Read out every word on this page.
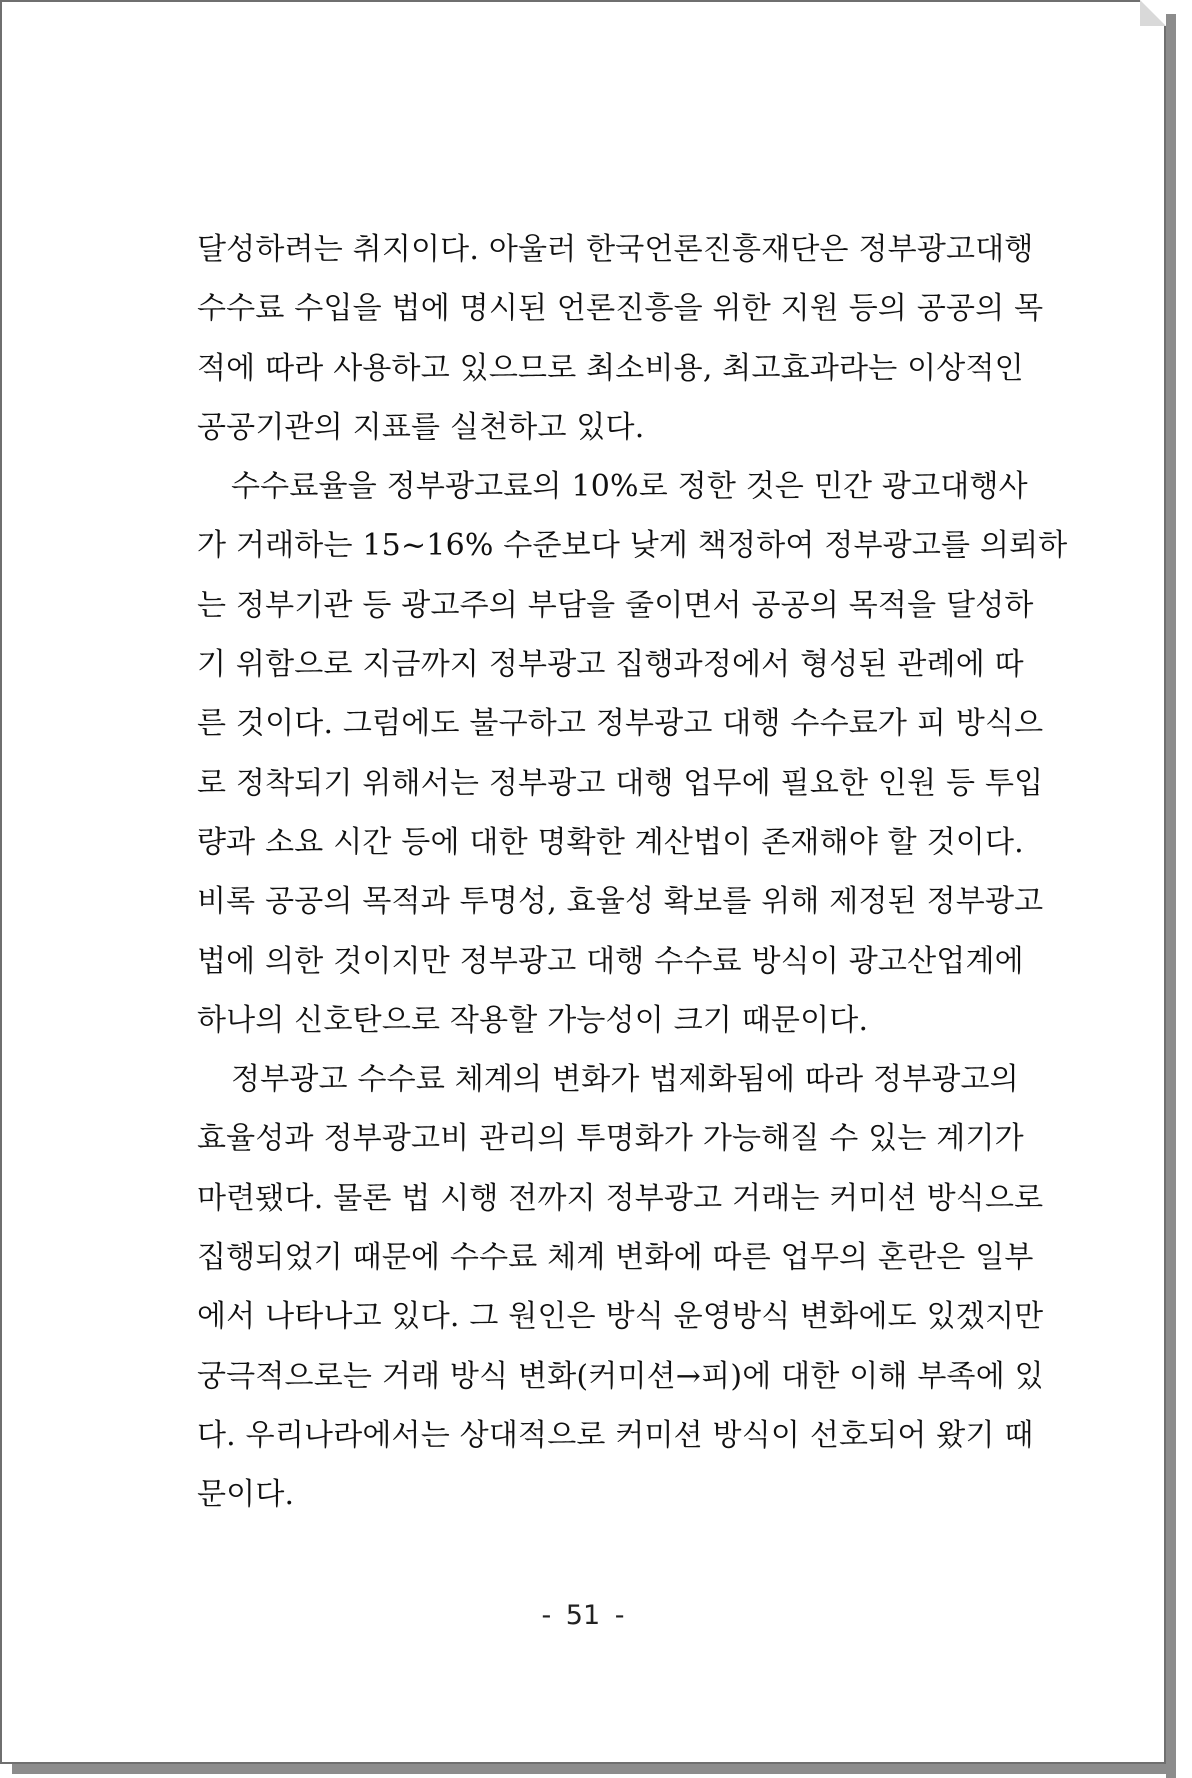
달성하려는 취지이다. 아울러 한국언론진흥재단은 정부광고대행
수수료 수입을 법에 명시된 언론진흥을 위한 지원 등의 공공의 목
적에 따라 사용하고 있으므로 최소비용, 최고효과라는 이상적인
공공기관의 지표를 실천하고 있다.
수수료율을 정부광고료의 10%로 정한 것은 민간 광고대행사
가 거래하는 15~16% 수준보다 낮게 책정하여 정부광고를 의뢰하
는 정부기관 등 광고주의 부담을 줄이면서 공공의 목적을 달성하
기 위함으로 지금까지 정부광고 집행과정에서 형성된 관례에 따
른 것이다. 그럼에도 불구하고 정부광고 대행 수수료가 피 방식으
로 정착되기 위해서는 정부광고 대행 업무에 필요한 인원 등 투입
량과 소요 시간 등에 대한 명확한 계산법이 존재해야 할 것이다.
비록 공공의 목적과 투명성, 효율성 확보를 위해 제정된 정부광고
법에 의한 것이지만 정부광고 대행 수수료 방식이 광고산업계에
하나의 신호탄으로 작용할 가능성이 크기 때문이다.
정부광고 수수료 체계의 변화가 법제화됨에 따라 정부광고의
효율성과 정부광고비 관리의 투명화가 가능해질 수 있는 계기가
마련됐다. 물론 법 시행 전까지 정부광고 거래는 커미션 방식으로
집행되었기 때문에 수수료 체계 변화에 따른 업무의 혼란은 일부
에서 나타나고 있다. 그 원인은 방식 운영방식 변화에도 있겠지만
궁극적으로는 거래 방식 변화(커미션→피)에 대한 이해 부족에 있
다. 우리나라에서는 상대적으로 커미션 방식이 선호되어 왔기 때
문이다.
- 51 -
